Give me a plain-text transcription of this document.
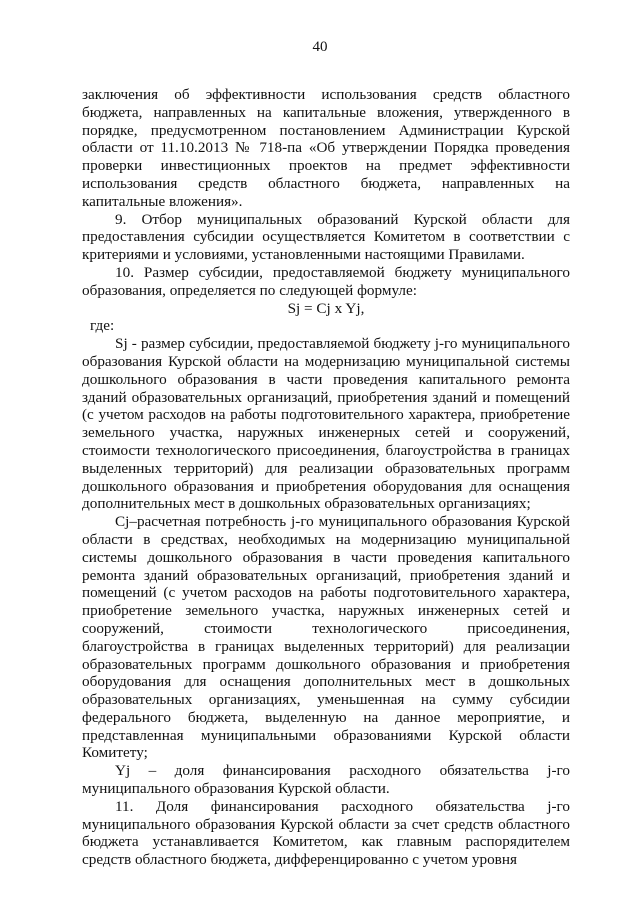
40

заключения об эффективности использования средств областного бюджета, направленных на капитальные вложения, утвержденного в порядке, предусмотренном постановлением Администрации Курской области от 11.10.2013 № 718-па «Об утверждении Порядка проведения проверки инвестиционных проектов на предмет эффективности использования средств областного бюджета, направленных на капитальные вложения».

9. Отбор муниципальных образований Курской области для предоставления субсидии осуществляется Комитетом в соответствии с критериями и условиями, установленными настоящими Правилами.

10. Размер субсидии, предоставляемой бюджету муниципального образования, определяется по следующей формуле:

Sj = Cj x Yj,

где:

Sj - размер субсидии, предоставляемой бюджету j-го муниципального образования Курской области на модернизацию муниципальной системы дошкольного образования в части проведения капитального ремонта зданий образовательных организаций, приобретения зданий и помещений (с учетом расходов на работы подготовительного характера, приобретение земельного участка, наружных инженерных сетей и сооружений, стоимости технологического присоединения, благоустройства в границах выделенных территорий) для реализации образовательных программ дошкольного образования и приобретения оборудования для оснащения дополнительных мест в дошкольных образовательных организациях;

Cj–расчетная потребность j-го муниципального образования Курской области в средствах, необходимых на модернизацию муниципальной системы дошкольного образования в части проведения капитального ремонта зданий образовательных организаций, приобретения зданий и помещений (с учетом расходов на работы подготовительного характера, приобретение земельного участка, наружных инженерных сетей и сооружений, стоимости технологического присоединения, благоустройства в границах выделенных территорий) для реализации образовательных программ дошкольного образования и приобретения оборудования для оснащения дополнительных мест в дошкольных образовательных организациях, уменьшенная на сумму субсидии федерального бюджета, выделенную на данное мероприятие, и представленная муниципальными образованиями Курской области Комитету;

Yj – доля финансирования расходного обязательства j-го муниципального образования Курской области.

11. Доля финансирования расходного обязательства j-го муниципального образования Курской области за счет средств областного бюджета устанавливается Комитетом, как главным распорядителем средств областного бюджета, дифференцированно с учетом уровня
